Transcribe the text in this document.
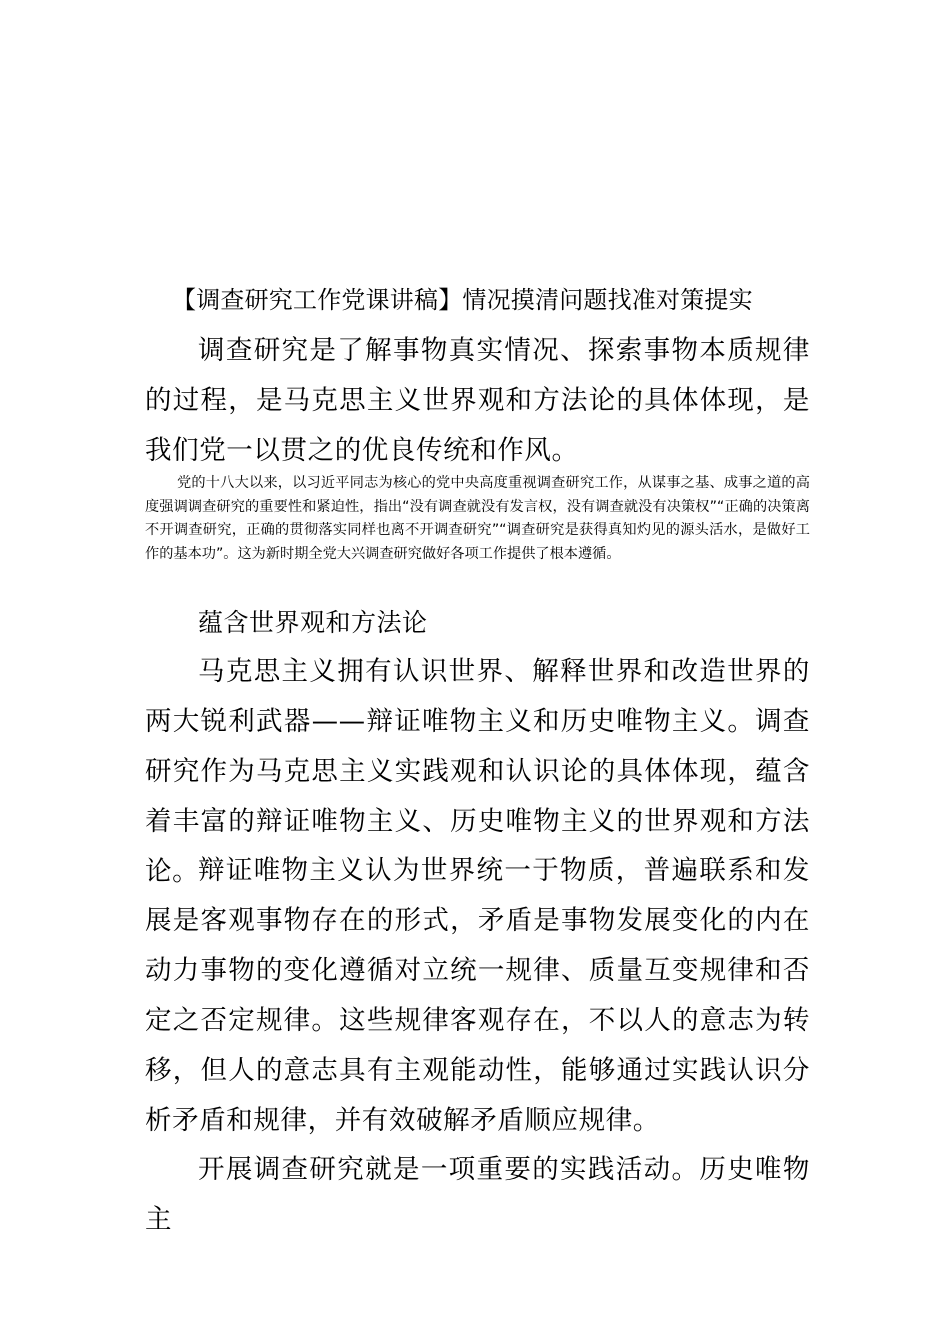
【调查研究工作党课讲稿】情况摸清问题找准对策提实
调查研究是了解事物真实情况、探索事物本质规律的过程，是马克思主义世界观和方法论的具体体现，是我们党一以贯之的优良传统和作风。
党的十八大以来，以习近平同志为核心的党中央高度重视调查研究工作，从谋事之基、成事之道的高度强调调查研究的重要性和紧迫性，指出“没有调查就没有发言权，没有调查就没有决策权”“正确的决策离不开调查研究，正确的贯彻落实同样也离不开调查研究”“调查研究是获得真知灼见的源头活水，是做好工作的基本功”。这为新时期全党大兴调查研究做好各项工作提供了根本遵循。
蕴含世界观和方法论
马克思主义拥有认识世界、解释世界和改造世界的两大锐利武器——辩证唯物主义和历史唯物主义。调查研究作为马克思主义实践观和认识论的具体体现，蕴含着丰富的辩证唯物主义、历史唯物主义的世界观和方法论。
辩证唯物主义认为世界统一于物质，普遍联系和发展是客观事物存在的形式，矛盾是事物发展变化的内在动力事物的变化遵循对立统一规律、质量互变规律和否定之否定规律。这些规律客观存在，不以人的意志为转移，但人的意志具有主观能动性，能够通过实践认识分析矛盾和规律，并有效破解矛盾顺应规律。
开展调查研究就是一项重要的实践活动。历史唯物主
